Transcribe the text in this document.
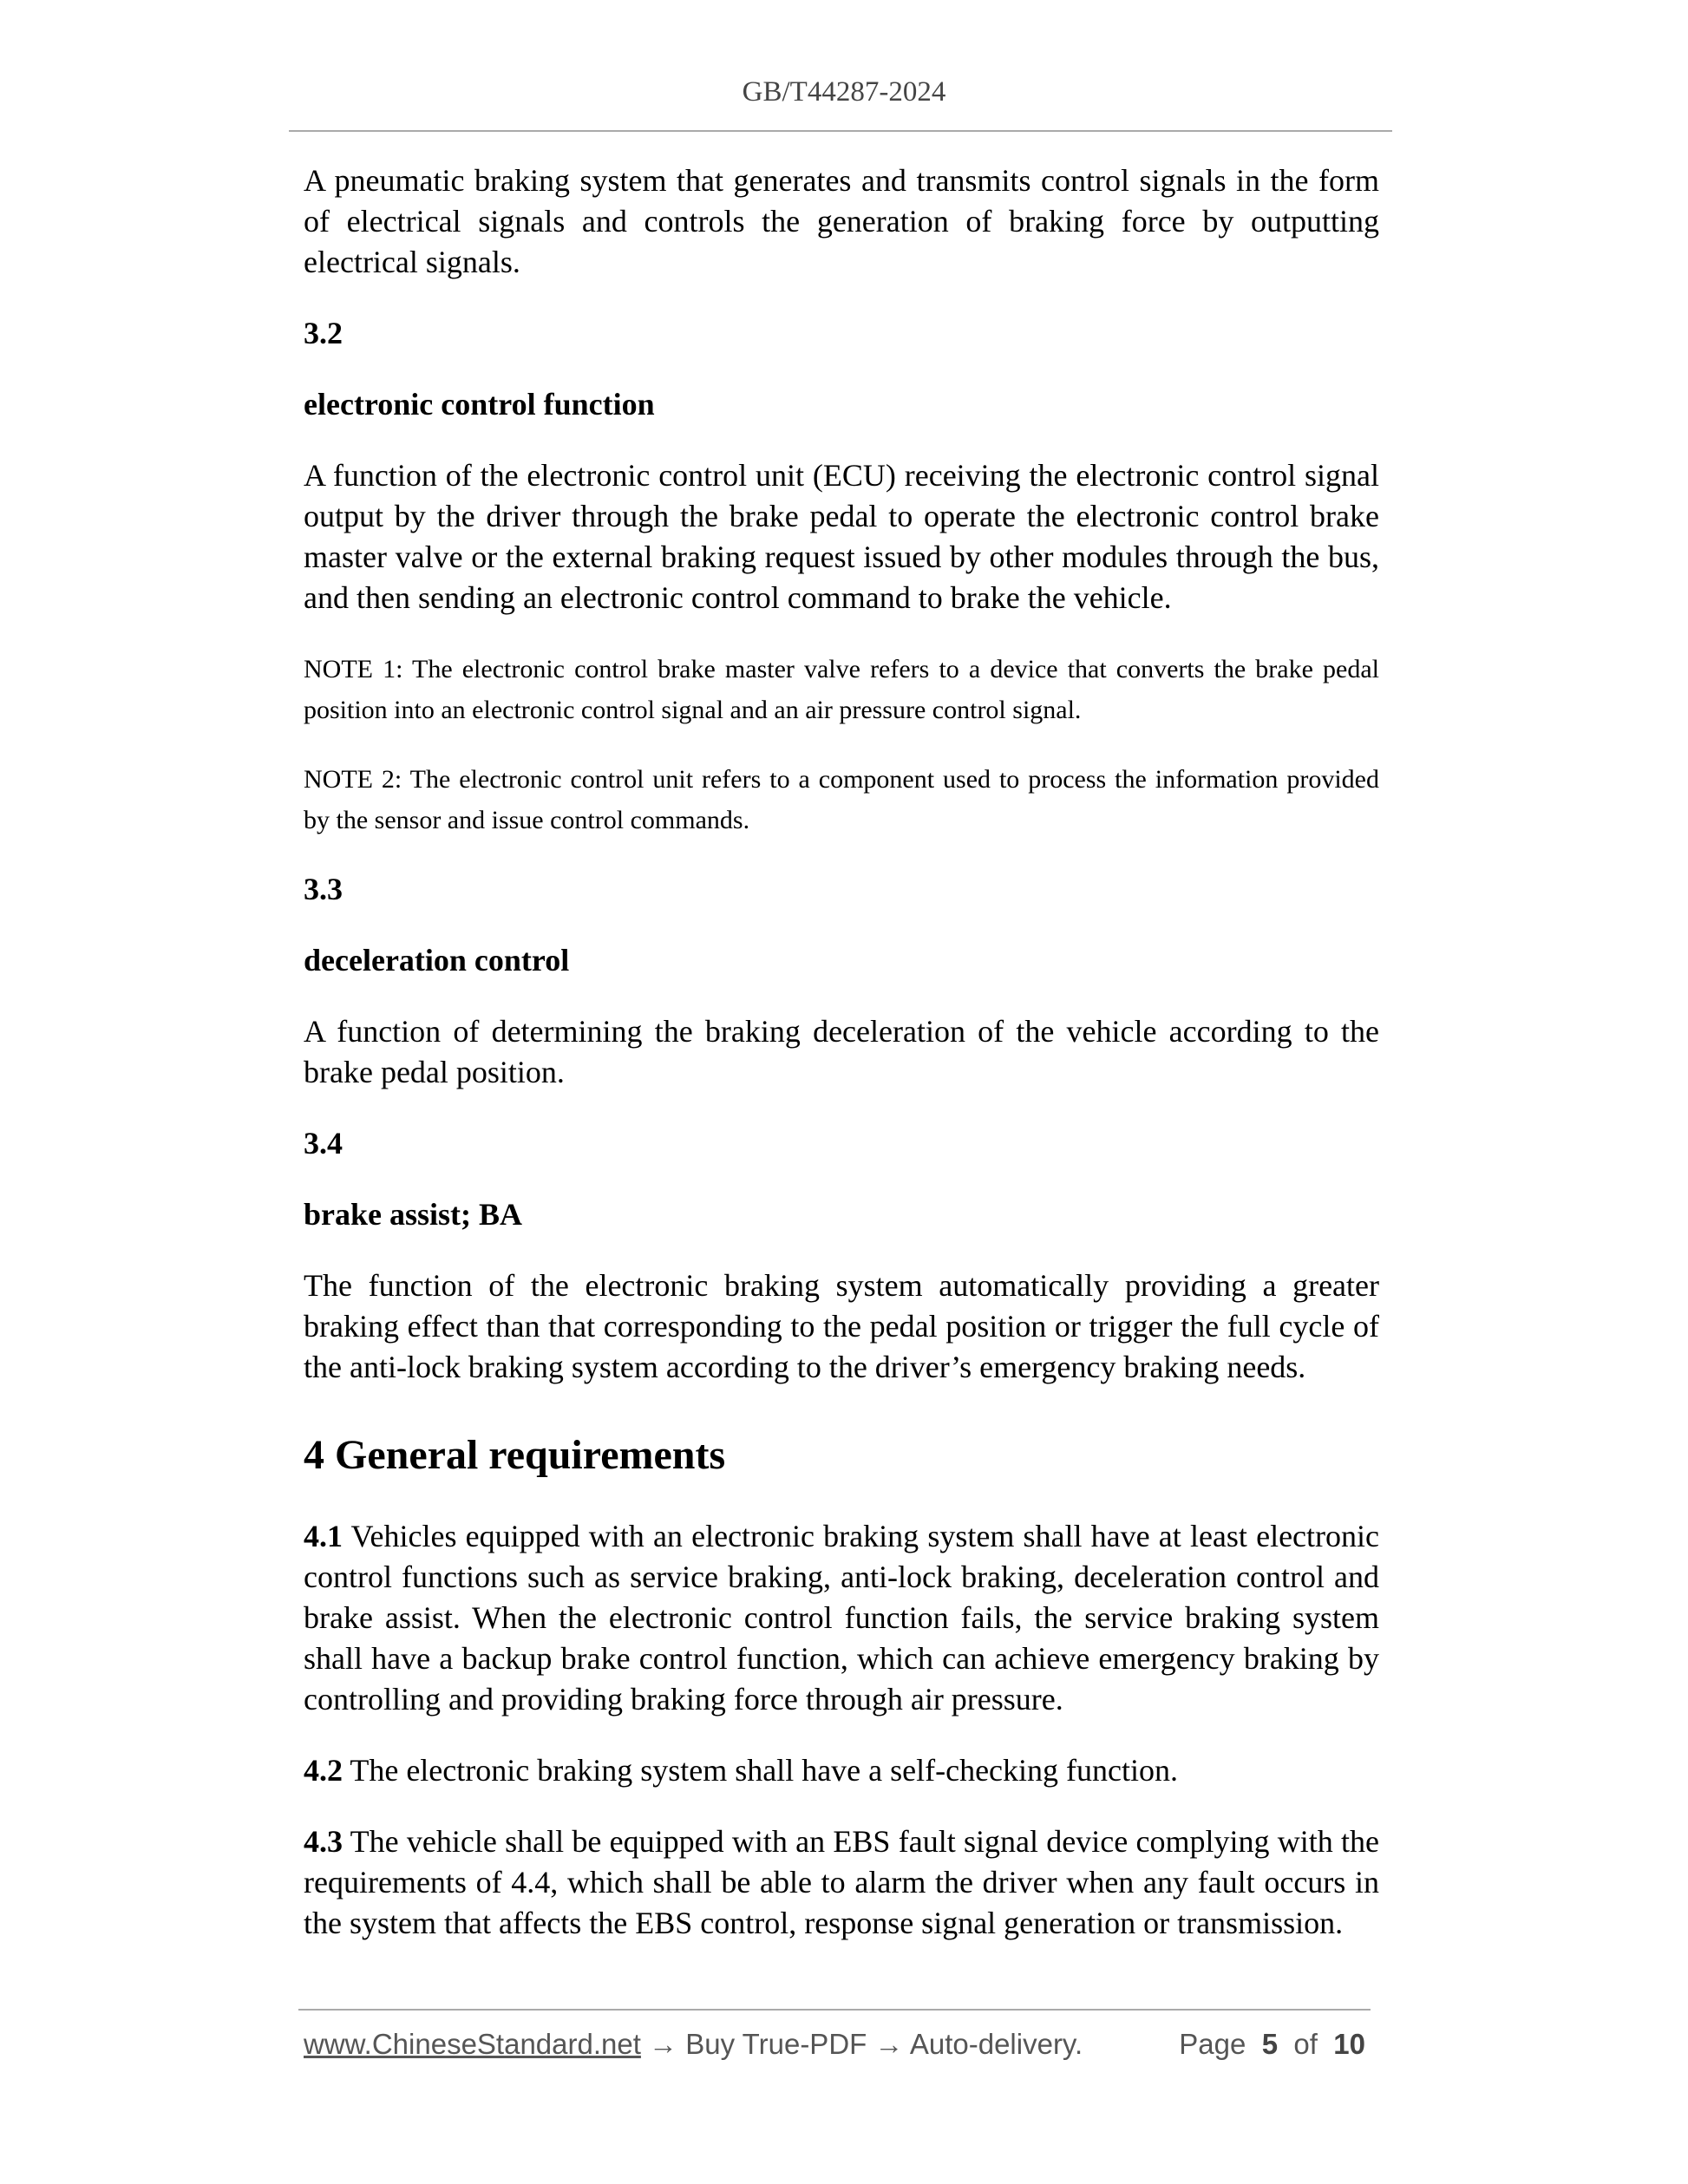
GB/T44287-2024

A pneumatic braking system that generates and transmits control signals in the form of electrical signals and controls the generation of braking force by outputting electrical signals.

3.2

electronic control function

A function of the electronic control unit (ECU) receiving the electronic control signal output by the driver through the brake pedal to operate the electronic control brake master valve or the external braking request issued by other modules through the bus, and then sending an electronic control command to brake the vehicle.

NOTE 1: The electronic control brake master valve refers to a device that converts the brake pedal position into an electronic control signal and an air pressure control signal.

NOTE 2: The electronic control unit refers to a component used to process the information provided by the sensor and issue control commands.

3.3

deceleration control

A function of determining the braking deceleration of the vehicle according to the brake pedal position.

3.4

brake assist; BA

The function of the electronic braking system automatically providing a greater braking effect than that corresponding to the pedal position or trigger the full cycle of the anti-lock braking system according to the driver’s emergency braking needs.

4 General requirements

4.1 Vehicles equipped with an electronic braking system shall have at least electronic control functions such as service braking, anti-lock braking, deceleration control and brake assist. When the electronic control function fails, the service braking system shall have a backup brake control function, which can achieve emergency braking by controlling and providing braking force through air pressure.

4.2 The electronic braking system shall have a self-checking function.

4.3 The vehicle shall be equipped with an EBS fault signal device complying with the requirements of 4.4, which shall be able to alarm the driver when any fault occurs in the system that affects the EBS control, response signal generation or transmission.

www.ChineseStandard.net → Buy True-PDF → Auto-delivery.	Page 5 of 10
